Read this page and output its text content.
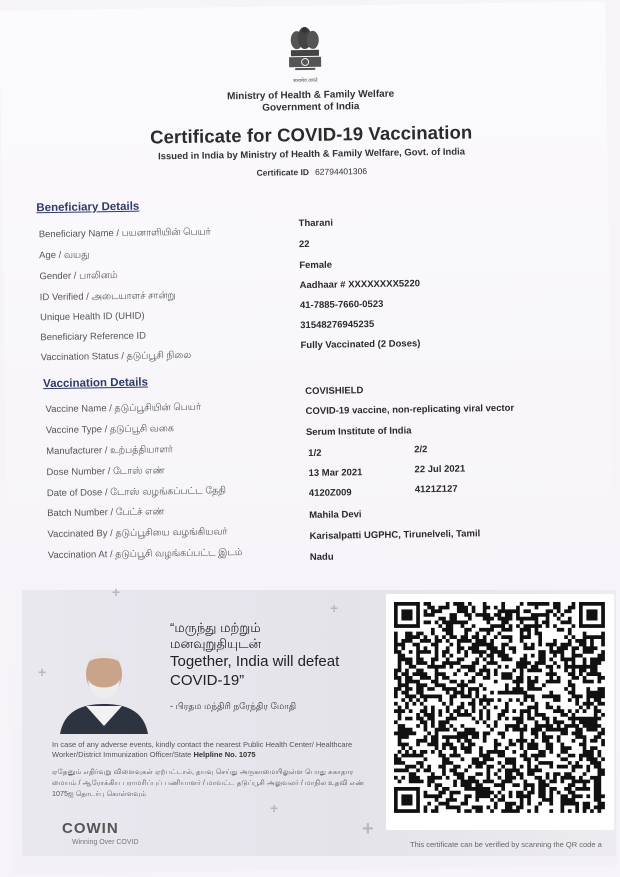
सत्यमेव जयते
Ministry of Health & Family Welfare
Government of India
Certificate for COVID-19 Vaccination
Issued in India by Ministry of Health & Family Welfare, Govt. of India
Certificate ID 62794401306
Beneficiary Details
Beneficiary Name / பயனாளியின் பெயர்
Tharani
Age / வயது
22
Gender / பாலினம்
Female
ID Verified / அடையாளச் சான்று
Aadhaar # XXXXXXXX5220
Unique Health ID (UHID)
41-7885-7660-0523
Beneficiary Reference ID
31548276945235
Vaccination Status / தடுப்பூசி நிலை
Fully Vaccinated (2 Doses)
Vaccination Details
Vaccine Name / தடுப்பூசியின் பெயர்
COVISHIELD
Vaccine Type / தடுப்பூசி வகை
COVID-19 vaccine, non-replicating viral vector
Manufacturer / உற்பத்தியாளர்
Serum Institute of India
Dose Number / டோஸ் எண்
1/2	2/2
Date of Dose / டோஸ் வழங்கப்பட்ட தேதி
13 Mar 2021	22 Jul 2021
Batch Number / பேட்ச் எண்
4120Z009	4121Z127
Vaccinated By / தடுப்பூசியை வழங்கியவர்
Mahila Devi
Vaccination At / தடுப்பூசி வழங்கப்பட்ட இடம்
Karisalpatti UGPHC, Tirunelveli, Tamil
Nadu
+
+
+
+
+
“மருந்து மற்றும்
மனவுறுதியுடன்
Together, India will defeat
COVID-19”
- பிரதம மந்திரி நரேந்திர மோதி
In case of any adverse events, kindly contact the nearest Public Health Center/ Healthcare Worker/District Immunization Officer/State Helpline No. 1075
ஏதேனும் எதிர்வுறு விளைவுகள் ஏற்பட்டால், தயவு செய்து அருகாமையிலுள்ள பொது சுகாதார மையம் / ஆரோக்கிய பராமரிப்புப் பணியாளர் / மாவட்ட தடுப்பூசி அலுவலர் / மாநில உதவி எண் 1075ஐ தொடர்பு கொள்ளவும்
COWIN
Winning Over COVID	This certificate can be verified by scanning the QR code a
